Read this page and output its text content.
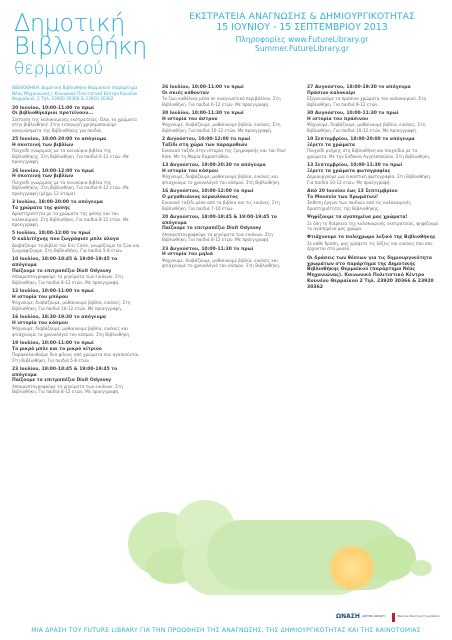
Δημοτική
Βιβλιοθήκη
θερμαϊκού
ΕΚΣΤΡΑΤΕΙΑ ΑΝΑΓΝΩΣΗΣ & ΔΗΜΙΟΥΡΓΙΚΟΤΗΤΑΣ
15 ΙΟΥΝΙΟΥ - 15 ΣΕΠΤΕΜΒΡΙΟΥ 2013
Πληροφορίες www.FutureLibrary.gr
Summer.FutureLibrary.gr
ΒΙΒΛΙΟΘΗΚΗ: Δημοτική Βιβλιοθήκη Θερμαϊκού (παράρτημα Νέας Μηχανιώνας). Κοινωνικό Πολιτιστικό Κέντρο Κουνέου Θερμαϊκού. 2 Τηλ. 23920 30366 & 23920 30362
20 Ιουνίου, 10:00-11:00 το πρωί
Οι βιβλιοθηκάριοι προτείνουν...
Σύσταση της καλοκαιρινής εκστρατείας. Όλοι τα χρώματα στην βιβλιοθήκη! Στην εισαγωγή χρησιμοποιούμε αναγνώσματα της Βιβλιοθήκης για παιδιά.
25 Ιουνίου, 18:00-20:00 το απόγευμα
Η σκοτεινή των βιβλίων
Παιχνίδι γνωριμίας με τα καινούρια βιβλία της Βιβλιοθήκης. Στη Βιβλιοθήκη. Για παιδιά 6-12 ετών. Με προεγγραφή.
26 Ιουνίου, 10:00-12:00 το πρωί
Η σκοτεινή των βιβλίων
Παιχνίδι γνωριμίας με τα καινούρια βιβλία της Βιβλιοθήκης. Στη Βιβλιοθήκη. Για παιδιά 6-12 ετών. Με προεγγραφή (μέχρι 12 άτομα).
2 Ιουλίου, 18:00-20:00 το απόγευμα
Τα χρώματα της φύσης
Δραστηριότητα με τα χρώματα της φύσης και του καλοκαιριού. Στη Βιβλιοθήκη. Για παιδιά 8-12 ετών. Με προεγγραφή.
5 Ιουλίου, 10:00-12:00 το πρωί
Ο καλλιτέχνης που ζωγράφισε μπλε άλογα
Διαβάζουμε το βιβλίο του Eric Carle, γνωρίζουμε τα ζώα και ζωγραφίζουμε. Στη Βιβλιοθήκη. Για παιδιά 5-8 ετών.
10 Ιουλίου, 18:00-18:45 & 19:00-19:45 το απόγευμα
Παίζουμε το επιτραπέζιο Dixit Odyssey
Αποκρυπτογραφούμε τα μηνύματα των εικόνων. Στη Βιβλιοθήκη. Για παιδιά 8-12 ετών. Με προεγγραφή.
12 Ιουλίου, 10:00-11:00 το πρωί
Η ιστορία του μπόρου
Ψάχνουμε, διαβάζουμε, μαθαίνουμε βιβλία, εικόνες. Στη Βιβλιοθήκη. Για παιδιά 10-12 ετών. Με προεγγραφή.
16 Ιουλίου, 18:30-19:30 το απόγευμα
Η ιστορία του κόσμου
Ψάχνουμε, διαβάζουμε, μαθαίνουμε βιβλία, εικόνες και φτιάχνουμε το χρονολόγιό του κόσμου. Στη Βιβλιοθήκη.
19 Ιουλίου, 10:00-11:00 το πρωί
Το μικρό μπλε και το μικρό κίτρινο
Παρακολουθούμε δυο φίλους από χρώματα που αγαπιούνται. Στη Βιβλιοθήκη. Για παιδιά 5-8 ετών.
23 Ιουλίου, 18:00-18:45 & 19:00-19:45 το απόγευμα
Παίζουμε το επιτραπέζιο Dixit Odyssey
Αποκρυπτογραφούμε τα μηνύματα των εικόνων. Στη Βιβλιοθήκη. Για παιδιά 8-12 ετών. Με προεγγραφή.
26 Ιουλίου, 10:00-11:00 το πρωί
Οι σκιές κάθονταν
Το ζωο καθόλικα μέσα σε αναγνωστικό περιβάλλον. Στη Βιβλιοθήκη. Για παιδιά 6-12 ετών. Με προεγγραφή.
30 Ιουλίου, 10:00-11:30 το πρωί
Η ιστορία του άστρου
Ψάχνουμε, διαβάζουμε, μαθαίνουμε βιβλία, εικόνες. Στη Βιβλιοθήκη. Για παιδιά 10-12 ετών. Με προεγγραφή.
2 Αυγούστου, 10:00-12:00 το πρωί
Ταξίδι στη χώρα των παραμυθιών
Εικονικό ταξίδι στην ιστορία της ζωγραφικής και του Paul Klee. Με τη Μαρία Καραστάθου.
13 Αυγούστου, 19:00-20:30 το απόγευμα
Η ιστορία του κόσμου
Ψάχνουμε, διαβάζουμε, μαθαίνουμε βιβλία, εικόνες και φτιάχνουμε το χρονολόγιό του κόσμου. Στη Βιβλιοθήκη.
16 Αυγούστου, 10:00-12:00 το πρωί
Ο μεγαθειάνιος κεραυλόκατος
Εικονικό ταξίδι μέσα από τα βιβλία και τις εικόνες. Στη Βιβλιοθήκη. Για παιδιά 7-10 ετών.
20 Αυγούστου, 18:00-18:45 & 19:00-19:45 το απόγευμα
Παίζουμε το επιτραπέζιο Dixit Odyssey
Αποκρυπτογραφούμε τα μηνύματα των εικόνων. Στη Βιβλιοθήκη. Για παιδιά 8-12 ετών. Με προεγγραφή.
23 Αυγούστου, 10:00-11:30 το πρωί
Η ιστορία του μηλιά
Ψάχνουμε, διαβάζουμε, μαθαίνουμε βιβλία, εικόνες και φτιάχνουμε το χρονολόγιό του κόσμου. Στη Βιβλιοθήκη.
27 Αυγούστου, 18:00-19:30 το απόγευμα
Πράσινο καλοκαίρι
Εξερευνούμε τα πράσινα χρώματα του καλοκαιριού. Στη Βιβλιοθήκη. Για παιδιά 8-12 ετών.
30 Αυγούστου, 10:00-11:30 το πρωί
Η ιστορία του πράσινου
Ψάχνουμε, διαβάζουμε, μαθαίνουμε βιβλία, εικόνες. Στη Βιβλιοθήκη. Για παιδιά 10-12 ετών. Με προεγγραφή.
10 Σεπτεμβρίου, 18:00-20:00 το απόγευμα
Ξέρετε τα χρώματα
Παιχνίδι μνήμης στη Βιβλιοθήκη και παιχνίδια με τα χρώματα. Με την Ευδοκία Αγγελοπούλου. Στη Βιβλιοθήκη.
13 Σεπτεμβρίου, 10:00-11:30 το πρωί
Ξέρετε τα χρώματα φωτογραφίας
Δημιουργούμε μια εικαστική φωτογραφία. Στη Βιβλιοθήκη. Για παιδιά 10-12 ετών. Με προεγγραφή.
Από 20 Ιουνίου έως 13 Σεπτεμβρίου
Το Μουσείο των Χρωμάτων!
Έκθεση έργων των παιδιών από τις καλοκαιρινές δραστηριότητες της Βιβλιοθήκης.
Ψηφίζουμε τα αγαπημένα μας χρώματα!
Σε όλη τη διάρκεια της καλοκαιρινής εκστρατείας, ψηφίζουμε το αγαπημένο μας χρώμα.
Φτιάχνουμε το πολύχρωμο λεξικό της Βιβλιοθήκης
Σε κάθε δράση, μας γράφετε τις λέξεις και εικόνες που σας έρχονται στο μυαλό.
Οι δράσεις των θέσεων για τις δημιουργικότητα χρωμάτων στο παράρτημα της Δημοτικής Βιβλιοθήκης Θερμαϊκού (παράρτημα Νέας Μηχανιώνας). Κοινωνικό Πολιτιστικό Κέντρο Κουνέου Θερμαϊκού 2 Τηλ. 23920 30366 & 23920 30362
ΩΝΑΣΗ ΙΔΡΥΜΑ ΩΝΑΣΗ	Stavros Niarchos Foundation
ΜΙΑ ΔΡΑΣΗ ΤΟΥ FUTURE LIBRARY ΓΙΑ ΤΗΝ ΠΡΟΩΘΗΣΗ ΤΗΣ ΑΝΑΓΝΩΣΗΣ, ΤΗΣ ΔΗΜΙΟΥΡΓΙΚΟΤΗΤΑΣ ΚΑΙ ΤΗΣ ΚΑΙΝΟΤΟΜΙΑΣ
